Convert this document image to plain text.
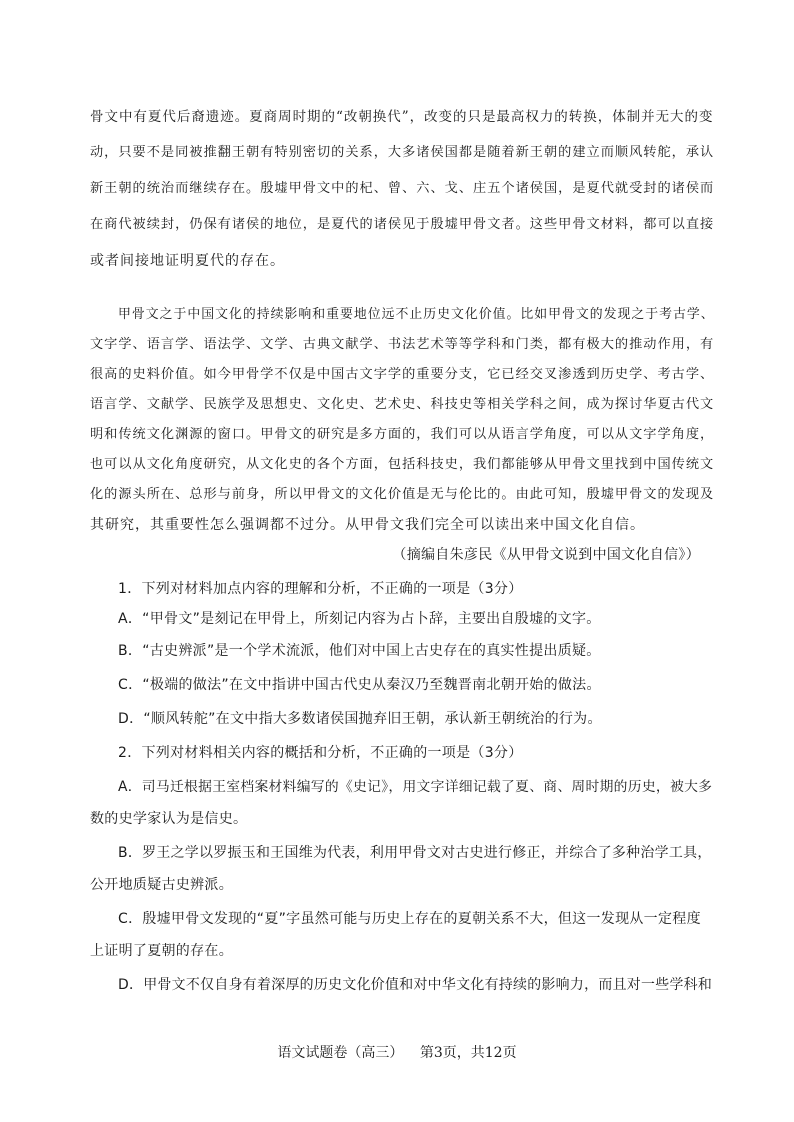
骨文中有夏代后裔遗迹。夏商周时期的“改朝换代”，改变的只是最高权力的转换，体制并无大的变
动，只要不是同被推翻王朝有特别密切的关系，大多诸侯国都是随着新王朝的建立而顺风转舵，承认
新王朝的统治而继续存在。殷墟甲骨文中的杞、曾、六、戈、庄五个诸侯国，是夏代就受封的诸侯而
在商代被续封，仍保有诸侯的地位，是夏代的诸侯见于殷墟甲骨文者。这些甲骨文材料，都可以直接
或者间接地证明夏代的存在。
甲骨文之于中国文化的持续影响和重要地位远不止历史文化价值。比如甲骨文的发现之于考古学、
文字学、语言学、语法学、文学、古典文献学、书法艺术等等学科和门类，都有极大的推动作用，有
很高的史料价值。如今甲骨学不仅是中国古文字学的重要分支，它已经交叉渗透到历史学、考古学、
语言学、文献学、民族学及思想史、文化史、艺术史、科技史等相关学科之间，成为探讨华夏古代文
明和传统文化渊源的窗口。甲骨文的研究是多方面的，我们可以从语言学角度，可以从文字学角度，
也可以从文化角度研究，从文化史的各个方面，包括科技史，我们都能够从甲骨文里找到中国传统文
化的源头所在、总形与前身，所以甲骨文的文化价值是无与伦比的。由此可知，殷墟甲骨文的发现及
其研究，其重要性怎么强调都不过分。从甲骨文我们完全可以读出来中国文化自信。
（摘编自朱彦民《从甲骨文说到中国文化自信》）
1．下列对材料加点内容的理解和分析，不正确的一项是（3分）
A．“甲骨文”是刻记在甲骨上，所刻记内容为占卜辞，主要出自殷墟的文字。
B．“古史辨派”是一个学术流派，他们对中国上古史存在的真实性提出质疑。
C．“极端的做法”在文中指讲中国古代史从秦汉乃至魏晋南北朝开始的做法。
D．“顺风转舵”在文中指大多数诸侯国抛弃旧王朝，承认新王朝统治的行为。
2．下列对材料相关内容的概括和分析，不正确的一项是（3分）
A．司马迁根据王室档案材料编写的《史记》，用文字详细记载了夏、商、周时期的历史，被大多
数的史学家认为是信史。
B．罗王之学以罗振玉和王国维为代表，利用甲骨文对古史进行修正，并综合了多种治学工具，
公开地质疑古史辨派。
C．殷墟甲骨文发现的“夏”字虽然可能与历史上存在的夏朝关系不大，但这一发现从一定程度
上证明了夏朝的存在。
D．甲骨文不仅自身有着深厚的历史文化价值和对中华文化有持续的影响力，而且对一些学科和
语文试题卷（高三） 第3页，共12页
